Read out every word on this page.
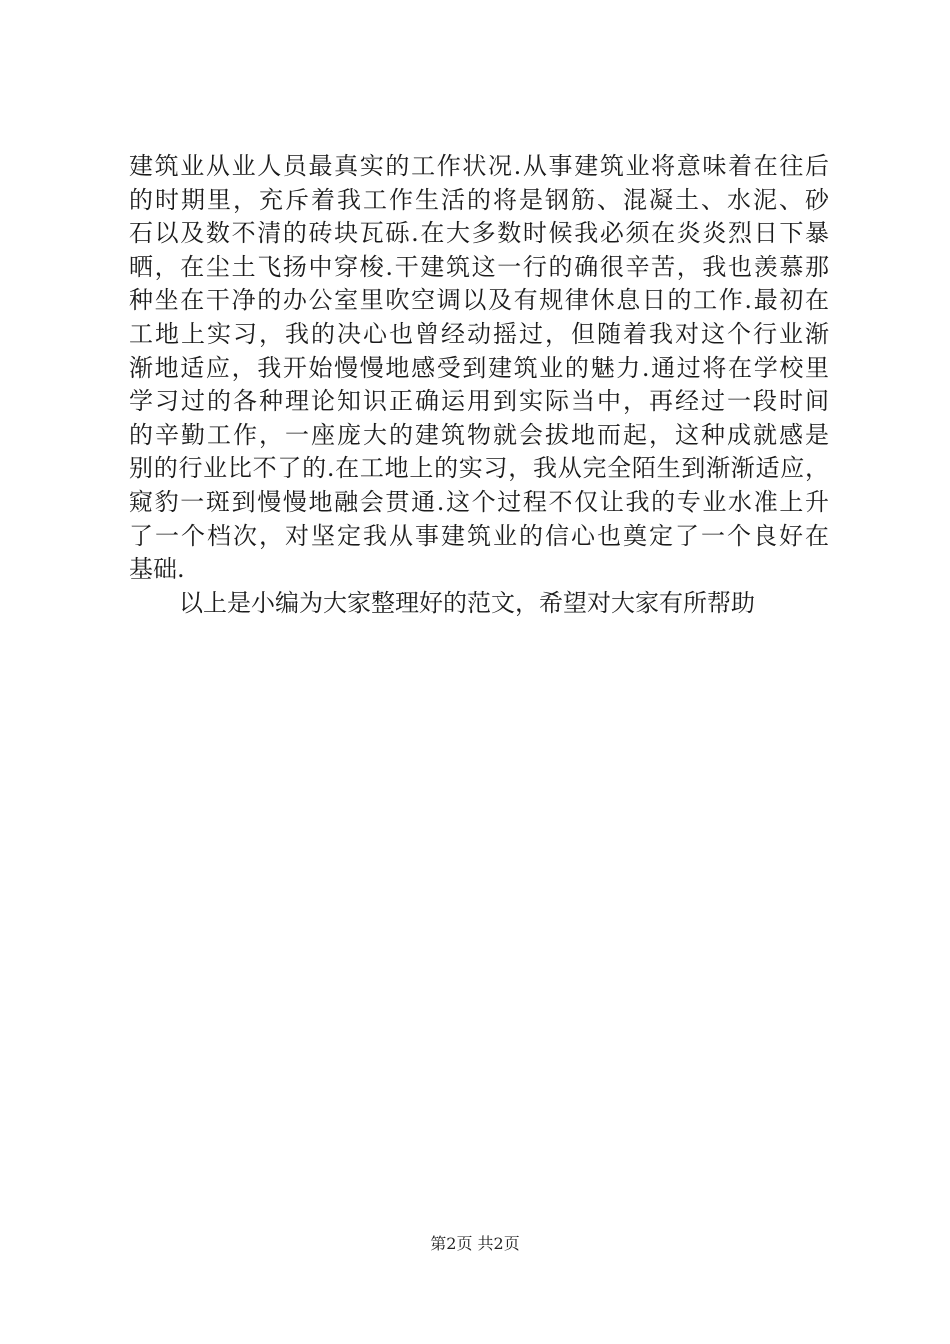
建筑业从业人员最真实的工作状况.从事建筑业将意味着在往后
的时期里，充斥着我工作生活的将是钢筋、混凝土、水泥、砂
石以及数不清的砖块瓦砾.在大多数时候我必须在炎炎烈日下暴
晒，在尘土飞扬中穿梭.干建筑这一行的确很辛苦，我也羡慕那
种坐在干净的办公室里吹空调以及有规律休息日的工作.最初在
工地上实习，我的决心也曾经动摇过，但随着我对这个行业渐
渐地适应，我开始慢慢地感受到建筑业的魅力.通过将在学校里
学习过的各种理论知识正确运用到实际当中，再经过一段时间
的辛勤工作，一座庞大的建筑物就会拔地而起，这种成就感是
别的行业比不了的.在工地上的实习，我从完全陌生到渐渐适应，
窥豹一斑到慢慢地融会贯通.这个过程不仅让我的专业水准上升
了一个档次，对坚定我从事建筑业的信心也奠定了一个良好在
基础.
以上是小编为大家整理好的范文，希望对大家有所帮助
第2页 共2页
